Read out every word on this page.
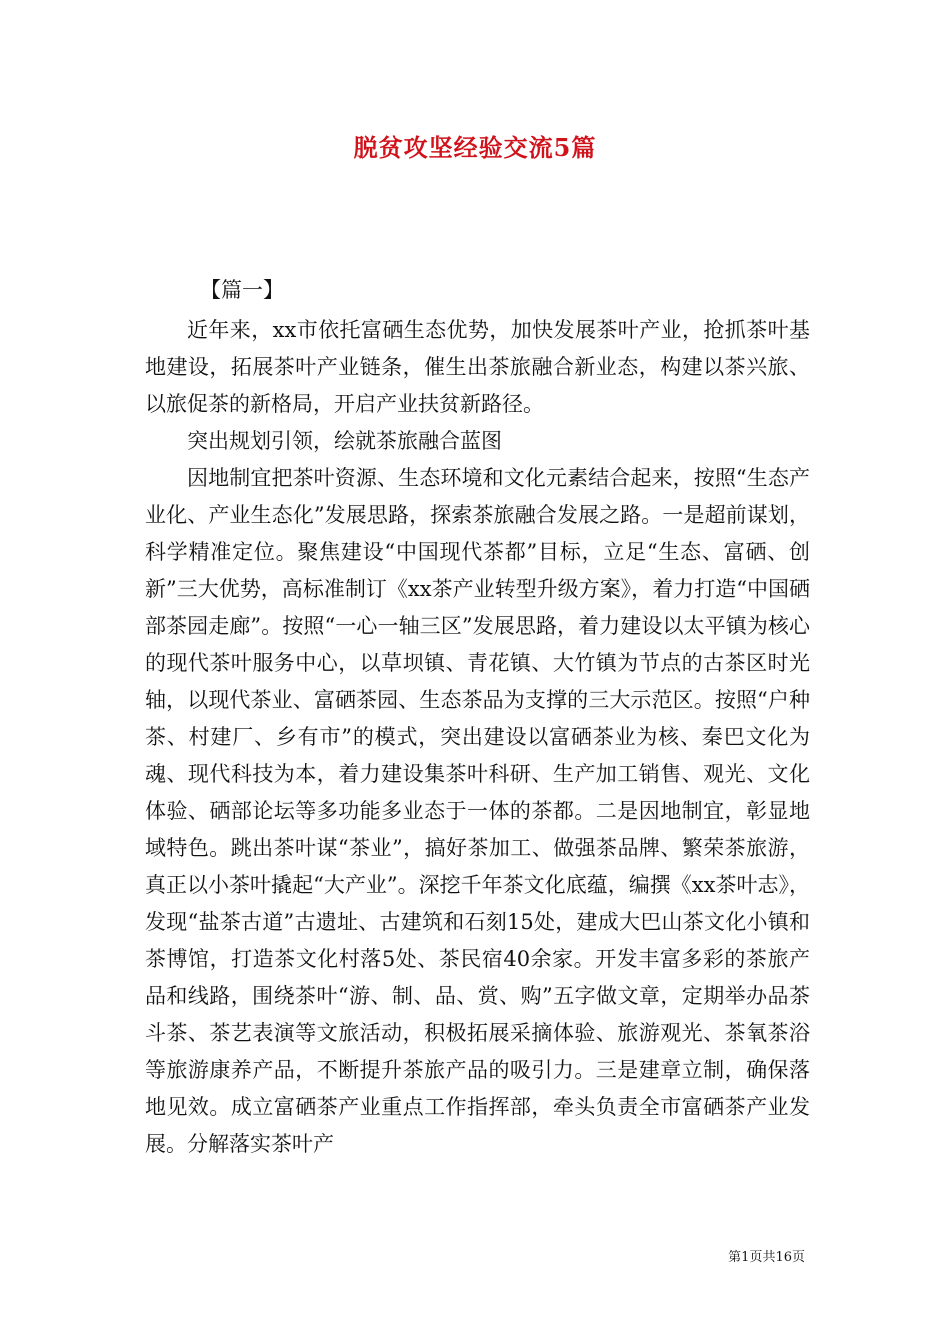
脱贫攻坚经验交流5篇
【篇一】

近年来，xx市依托富硒生态优势，加快发展茶叶产业，抢抓茶叶基地建设，拓展茶叶产业链条，催生出茶旅融合新业态，构建以茶兴旅、以旅促茶的新格局，开启产业扶贫新路径。

突出规划引领，绘就茶旅融合蓝图

因地制宜把茶叶资源、生态环境和文化元素结合起来，按照“生态产业化、产业生态化”发展思路，探索茶旅融合发展之路。一是超前谋划，科学精准定位。聚焦建设“中国现代茶都”目标，立足“生态、富硒、创新”三大优势，高标准制订《xx茶产业转型升级方案》，着力打造“中国硒部茶园走廊”。按照“一心一轴三区”发展思路，着力建设以太平镇为核心的现代茶叶服务中心，以草坝镇、青花镇、大竹镇为节点的古茶区时光轴，以现代茶业、富硒茶园、生态茶品为支撑的三大示范区。按照“户种茶、村建厂、乡有市”的模式，突出建设以富硒茶业为核、秦巴文化为魂、现代科技为本，着力建设集茶叶科研、生产加工销售、观光、文化体验、硒部论坛等多功能多业态于一体的茶都。二是因地制宜，彰显地域特色。跳出茶叶谋“茶业”，搞好茶加工、做强茶品牌、繁荣茶旅游，真正以小茶叶撬起“大产业”。深挖千年茶文化底蕴，编撰《xx茶叶志》，发现“盐茶古道”古遗址、古建筑和石刻15处，建成大巴山茶文化小镇和茶博馆，打造茶文化村落5处、茶民宿40余家。开发丰富多彩的茶旅产品和线路，围绕茶叶“游、制、品、赏、购”五字做文章，定期举办品茶斗茶、茶艺表演等文旅活动，积极拓展采摘体验、旅游观光、茶氧茶浴等旅游康养产品，不断提升茶旅产品的吸引力。三是建章立制，确保落地见效。成立富硒茶产业重点工作指挥部，牵头负责全市富硒茶产业发展。分解落实茶叶产

第1页共16页
